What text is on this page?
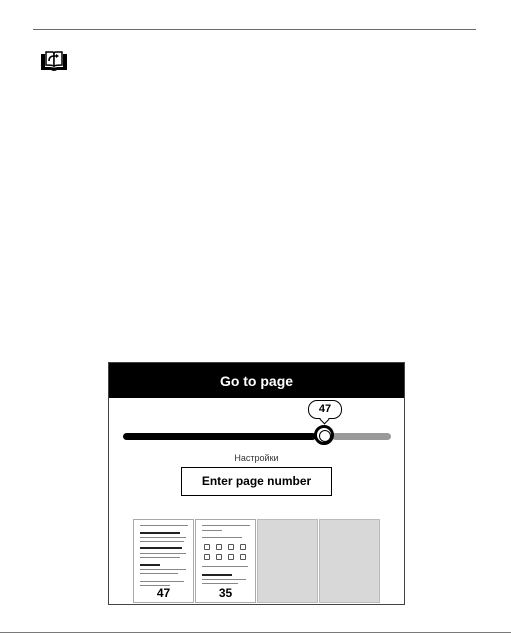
Go to page
47
Настройки
Enter page number
47	35
